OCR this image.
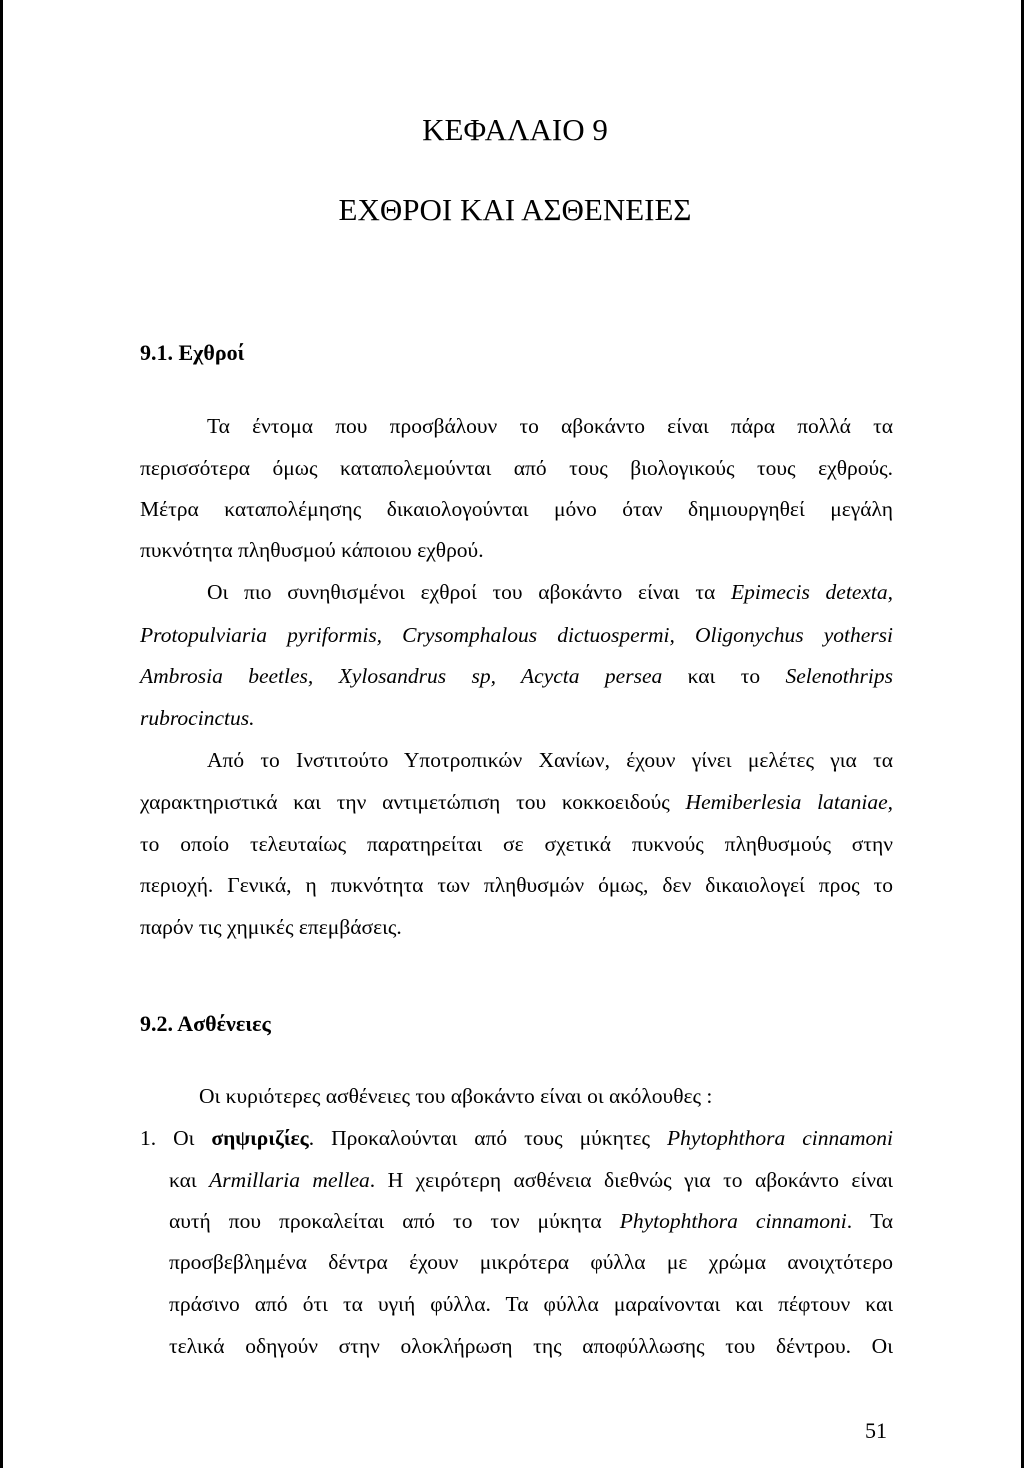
ΚΕΦΑΛΑΙΟ 9
ΕΧΘΡΟΙ ΚΑΙ ΑΣΘΕΝΕΙΕΣ
9.1. Εχθροί
Τα έντομα που προσβάλουν το αβοκάντο είναι πάρα πολλά τα
περισσότερα όμως καταπολεμούνται από τους βιολογικούς τους εχθρούς.
Μέτρα καταπολέμησης δικαιολογούνται μόνο όταν δημιουργηθεί μεγάλη
πυκνότητα πληθυσμού κάποιου εχθρού.
Οι πιο συνηθισμένοι εχθροί του αβοκάντο είναι τα Epimecis detexta,
Protopulviaria pyriformis, Crysomphalous dictuospermi, Oligonychus yothersi
Ambrosia beetles, Xylosandrus sp, Acycta persea και το Selenothrips
rubrocinctus.
Από το Ινστιτούτο Υποτροπικών Χανίων, έχουν γίνει μελέτες για τα
χαρακτηριστικά και την αντιμετώπιση του κοκκοειδούς Hemiberlesia lataniae,
το οποίο τελευταίως παρατηρείται σε σχετικά πυκνούς πληθυσμούς στην
περιοχή. Γενικά, η πυκνότητα των πληθυσμών όμως, δεν δικαιολογεί προς το
παρόν τις χημικές επεμβάσεις.
9.2. Ασθένειες
Οι κυριότερες ασθένειες του αβοκάντο είναι οι ακόλουθες :
1. Οι σηψιριζίες. Προκαλούνται από τους μύκητες Phytophthora cinnamoni
και Armillaria mellea. Η χειρότερη ασθένεια διεθνώς για το αβοκάντο είναι
αυτή που προκαλείται από το τον μύκητα Phytophthora cinnamoni. Τα
προσβεβλημένα δέντρα έχουν μικρότερα φύλλα με χρώμα ανοιχτότερο
πράσινο από ότι τα υγιή φύλλα. Τα φύλλα μαραίνονται και πέφτουν και
τελικά οδηγούν στην ολοκλήρωση της αποφύλλωσης του δέντρου. Οι
51
